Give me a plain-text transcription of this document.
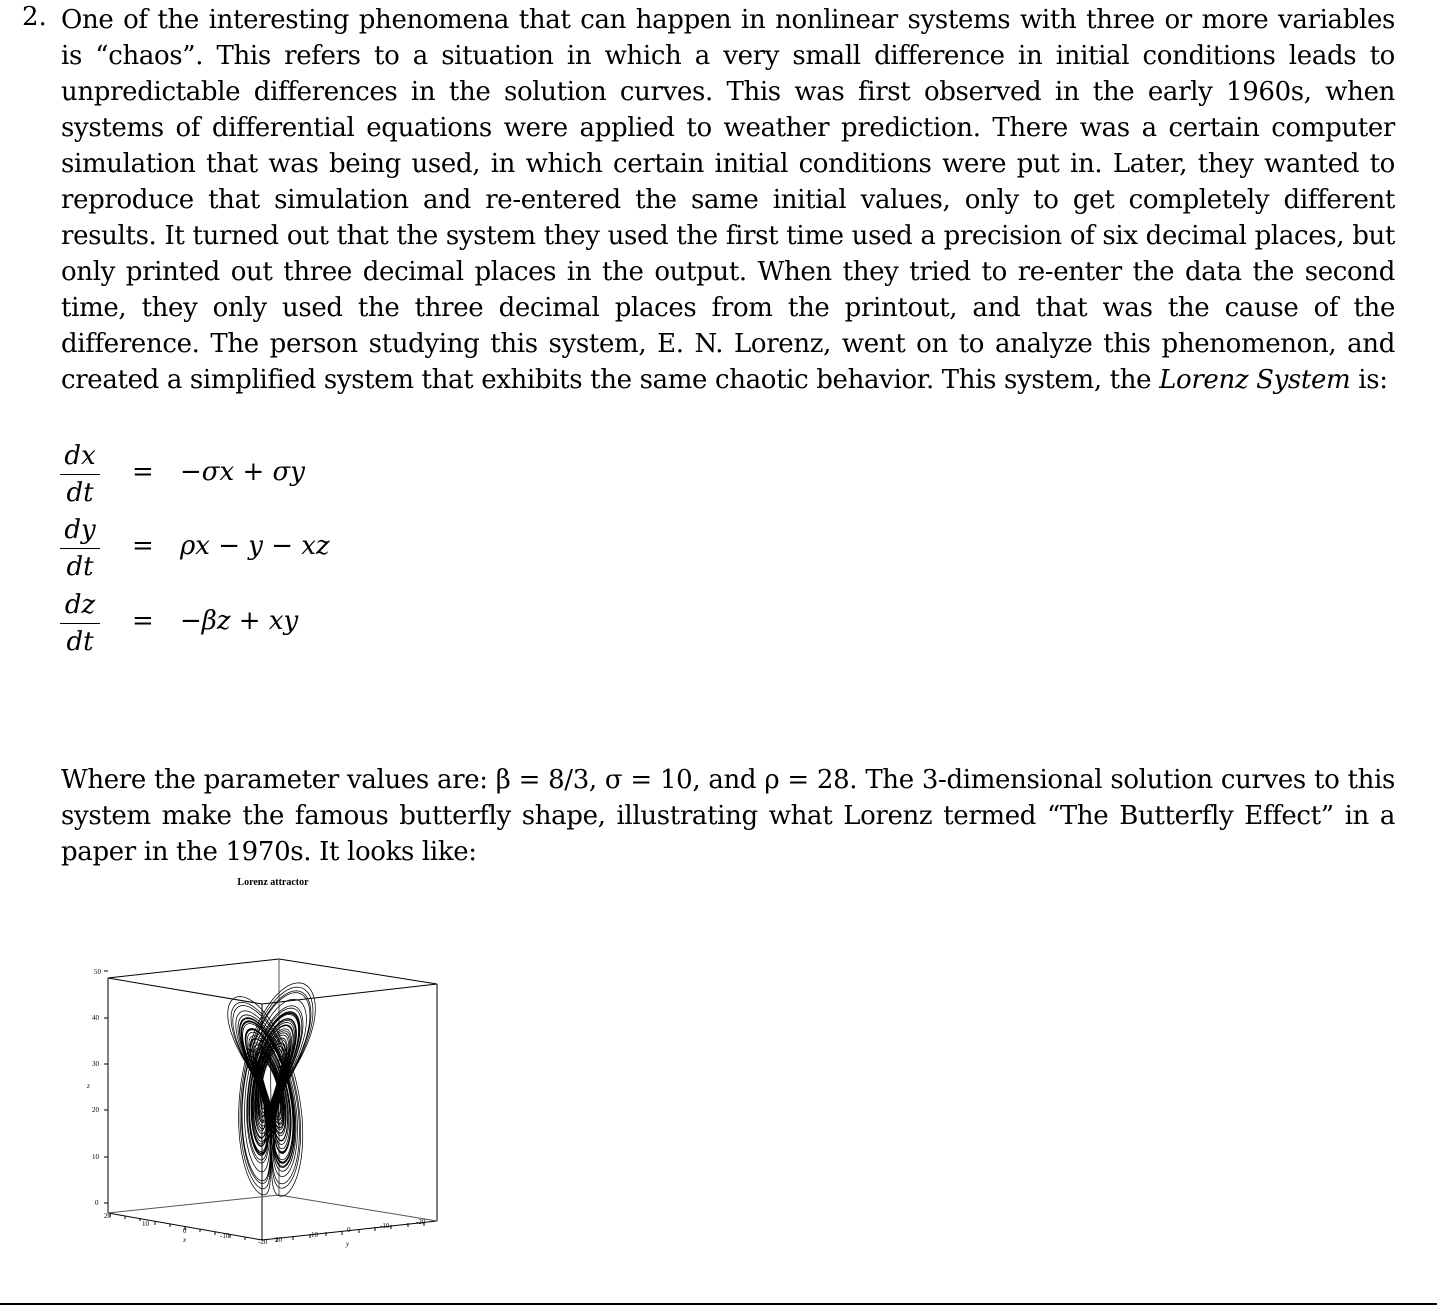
2. One of the interesting phenomena that can happen in nonlinear systems with three or more variables is “chaos”. This refers to a situation in which a very small difference in initial conditions leads to unpredictable differences in the solution curves. This was first observed in the early 1960s, when systems of differential equations were applied to weather prediction. There was a certain computer simulation that was being used, in which certain initial conditions were put in. Later, they wanted to reproduce that simulation and re-entered the same initial values, only to get completely different results. It turned out that the system they used the first time used a precision of six decimal places, but only printed out three decimal places in the output. When they tried to re-enter the data the second time, they only used the three decimal places from the printout, and that was the cause of the difference. The person studying this system, E. N. Lorenz, went on to analyze this phenomenon, and created a simplified system that exhibits the same chaotic behavior. This system, the Lorenz System is:
dx
dt
= −σx + σy
dy
dt
= ρx − y − xz
dz
dt
= −βz + xy
Where the parameter values are: β = 8/3, σ = 10, and ρ = 28. The 3-dimensional solution curves to this system make the famous butterfly shape, illustrating what Lorenz termed “The Butterfly Effect” in a paper in the 1970s. It looks like:
Lorenz attractor
50
40
30
20
10
0
z
20
10
0
-10
-20
x	20
10
0	-10	-20
y
